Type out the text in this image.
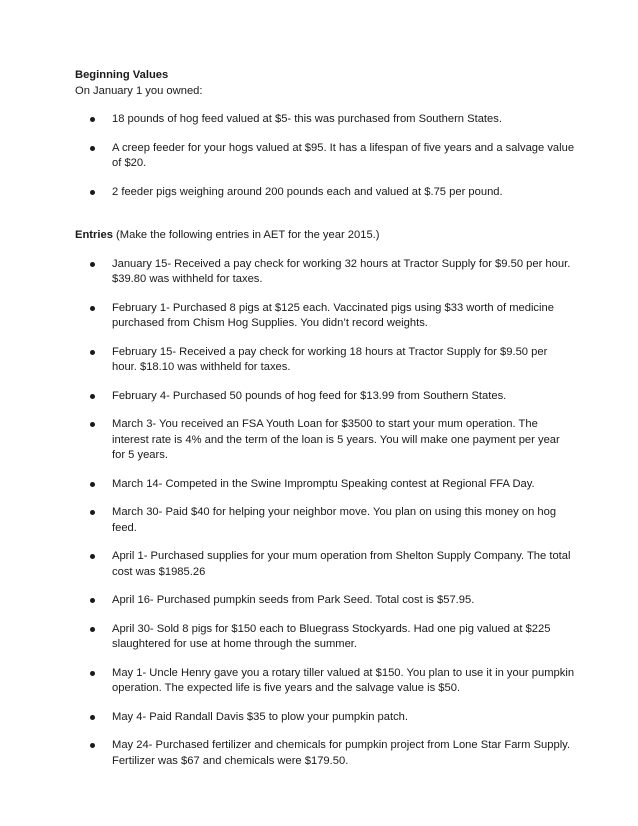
Beginning Values
On January 1 you owned:
18 pounds of hog feed valued at $5- this was purchased from Southern States.
A creep feeder for your hogs valued at $95. It has a lifespan of five years and a salvage value of $20.
2 feeder pigs weighing around 200 pounds each and valued at $.75 per pound.
Entries (Make the following entries in AET for the year 2015.)
January 15- Received a pay check for working 32 hours at Tractor Supply for $9.50 per hour. $39.80 was withheld for taxes.
February 1- Purchased 8 pigs at $125 each. Vaccinated pigs using $33 worth of medicine purchased from Chism Hog Supplies. You didn’t record weights.
February 15- Received a pay check for working 18 hours at Tractor Supply for $9.50 per hour. $18.10 was withheld for taxes.
February 4- Purchased 50 pounds of hog feed for $13.99 from Southern States.
March 3- You received an FSA Youth Loan for $3500 to start your mum operation. The interest rate is 4% and the term of the loan is 5 years. You will make one payment per year for 5 years.
March 14- Competed in the Swine Impromptu Speaking contest at Regional FFA Day.
March 30- Paid $40 for helping your neighbor move. You plan on using this money on hog feed.
April 1- Purchased supplies for your mum operation from Shelton Supply Company. The total cost was $1985.26
April 16- Purchased pumpkin seeds from Park Seed. Total cost is $57.95.
April 30- Sold 8 pigs for $150 each to Bluegrass Stockyards. Had one pig valued at $225 slaughtered for use at home through the summer.
May 1- Uncle Henry gave you a rotary tiller valued at $150. You plan to use it in your pumpkin operation. The expected life is five years and the salvage value is $50.
May 4- Paid Randall Davis $35 to plow your pumpkin patch.
May 24- Purchased fertilizer and chemicals for pumpkin project from Lone Star Farm Supply. Fertilizer was $67 and chemicals were $179.50.
